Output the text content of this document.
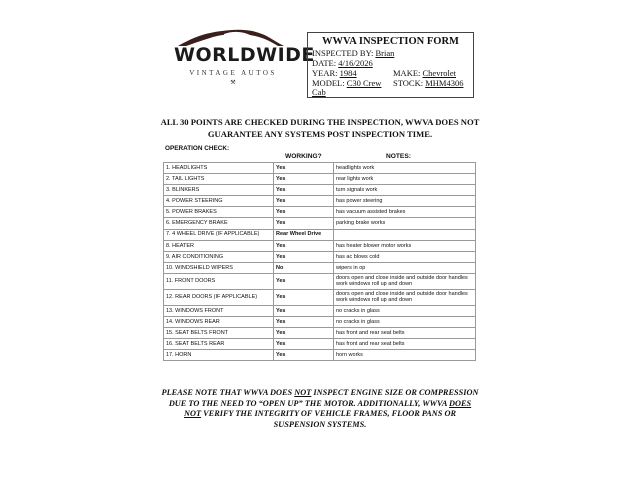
WORLDWIDE
VINTAGE AUTOS
⚒
WWVA INSPECTION FORM
INSPECTED BY: Brian
DATE: 4/16/2026
YEAR: 1984	MAKE: Chevrolet
MODEL: C30 Crew
Cab
STOCK: MHM4306
ALL 30 POINTS ARE CHECKED DURING THE INSPECTION, WWVA DOES NOT
GUARANTEE ANY SYSTEMS POST INSPECTION TIME.
OPERATION CHECK:
WORKING?	NOTES:
1. HEADLIGHTS	Yes	headlights work
2. TAIL LIGHTS	Yes	rear lights work
3. BLINKERS	Yes	turn signals work
4. POWER STEERING	Yes	has power steering
5. POWER BRAKES	Yes	has vacuum assisted brakes
6. EMERGENCY BRAKE	Yes	parking brake works
7. 4 WHEEL DRIVE (IF APPLICABLE)	Rear Wheel Drive	
8. HEATER	Yes	has heater blower motor works
9. AIR CONDITIONING	Yes	has ac blows cold
10. WINDSHIELD WIPERS	No	wipers in op
11. FRONT DOORS	Yes	doors open and close inside and outside door handles work windows roll up and down
12. REAR DOORS (IF APPLICABLE)	Yes	doors open and close inside and outside door handles work windows roll up and down
13. WINDOWS FRONT	Yes	no cracks in glass
14. WINDOWS REAR	Yes	no cracks in glass
15. SEAT BELTS FRONT	Yes	has front and rear seat belts
16. SEAT BELTS REAR	Yes	has front and rear seat belts
17. HORN	Yes	horn works
PLEASE NOTE THAT WWVA DOES NOT INSPECT ENGINE SIZE OR COMPRESSION DUE TO THE NEED TO “OPEN UP” THE MOTOR. ADDITIONALLY, WWVA DOES NOT VERIFY THE INTEGRITY OF VEHICLE FRAMES, FLOOR PANS OR SUSPENSION SYSTEMS.
